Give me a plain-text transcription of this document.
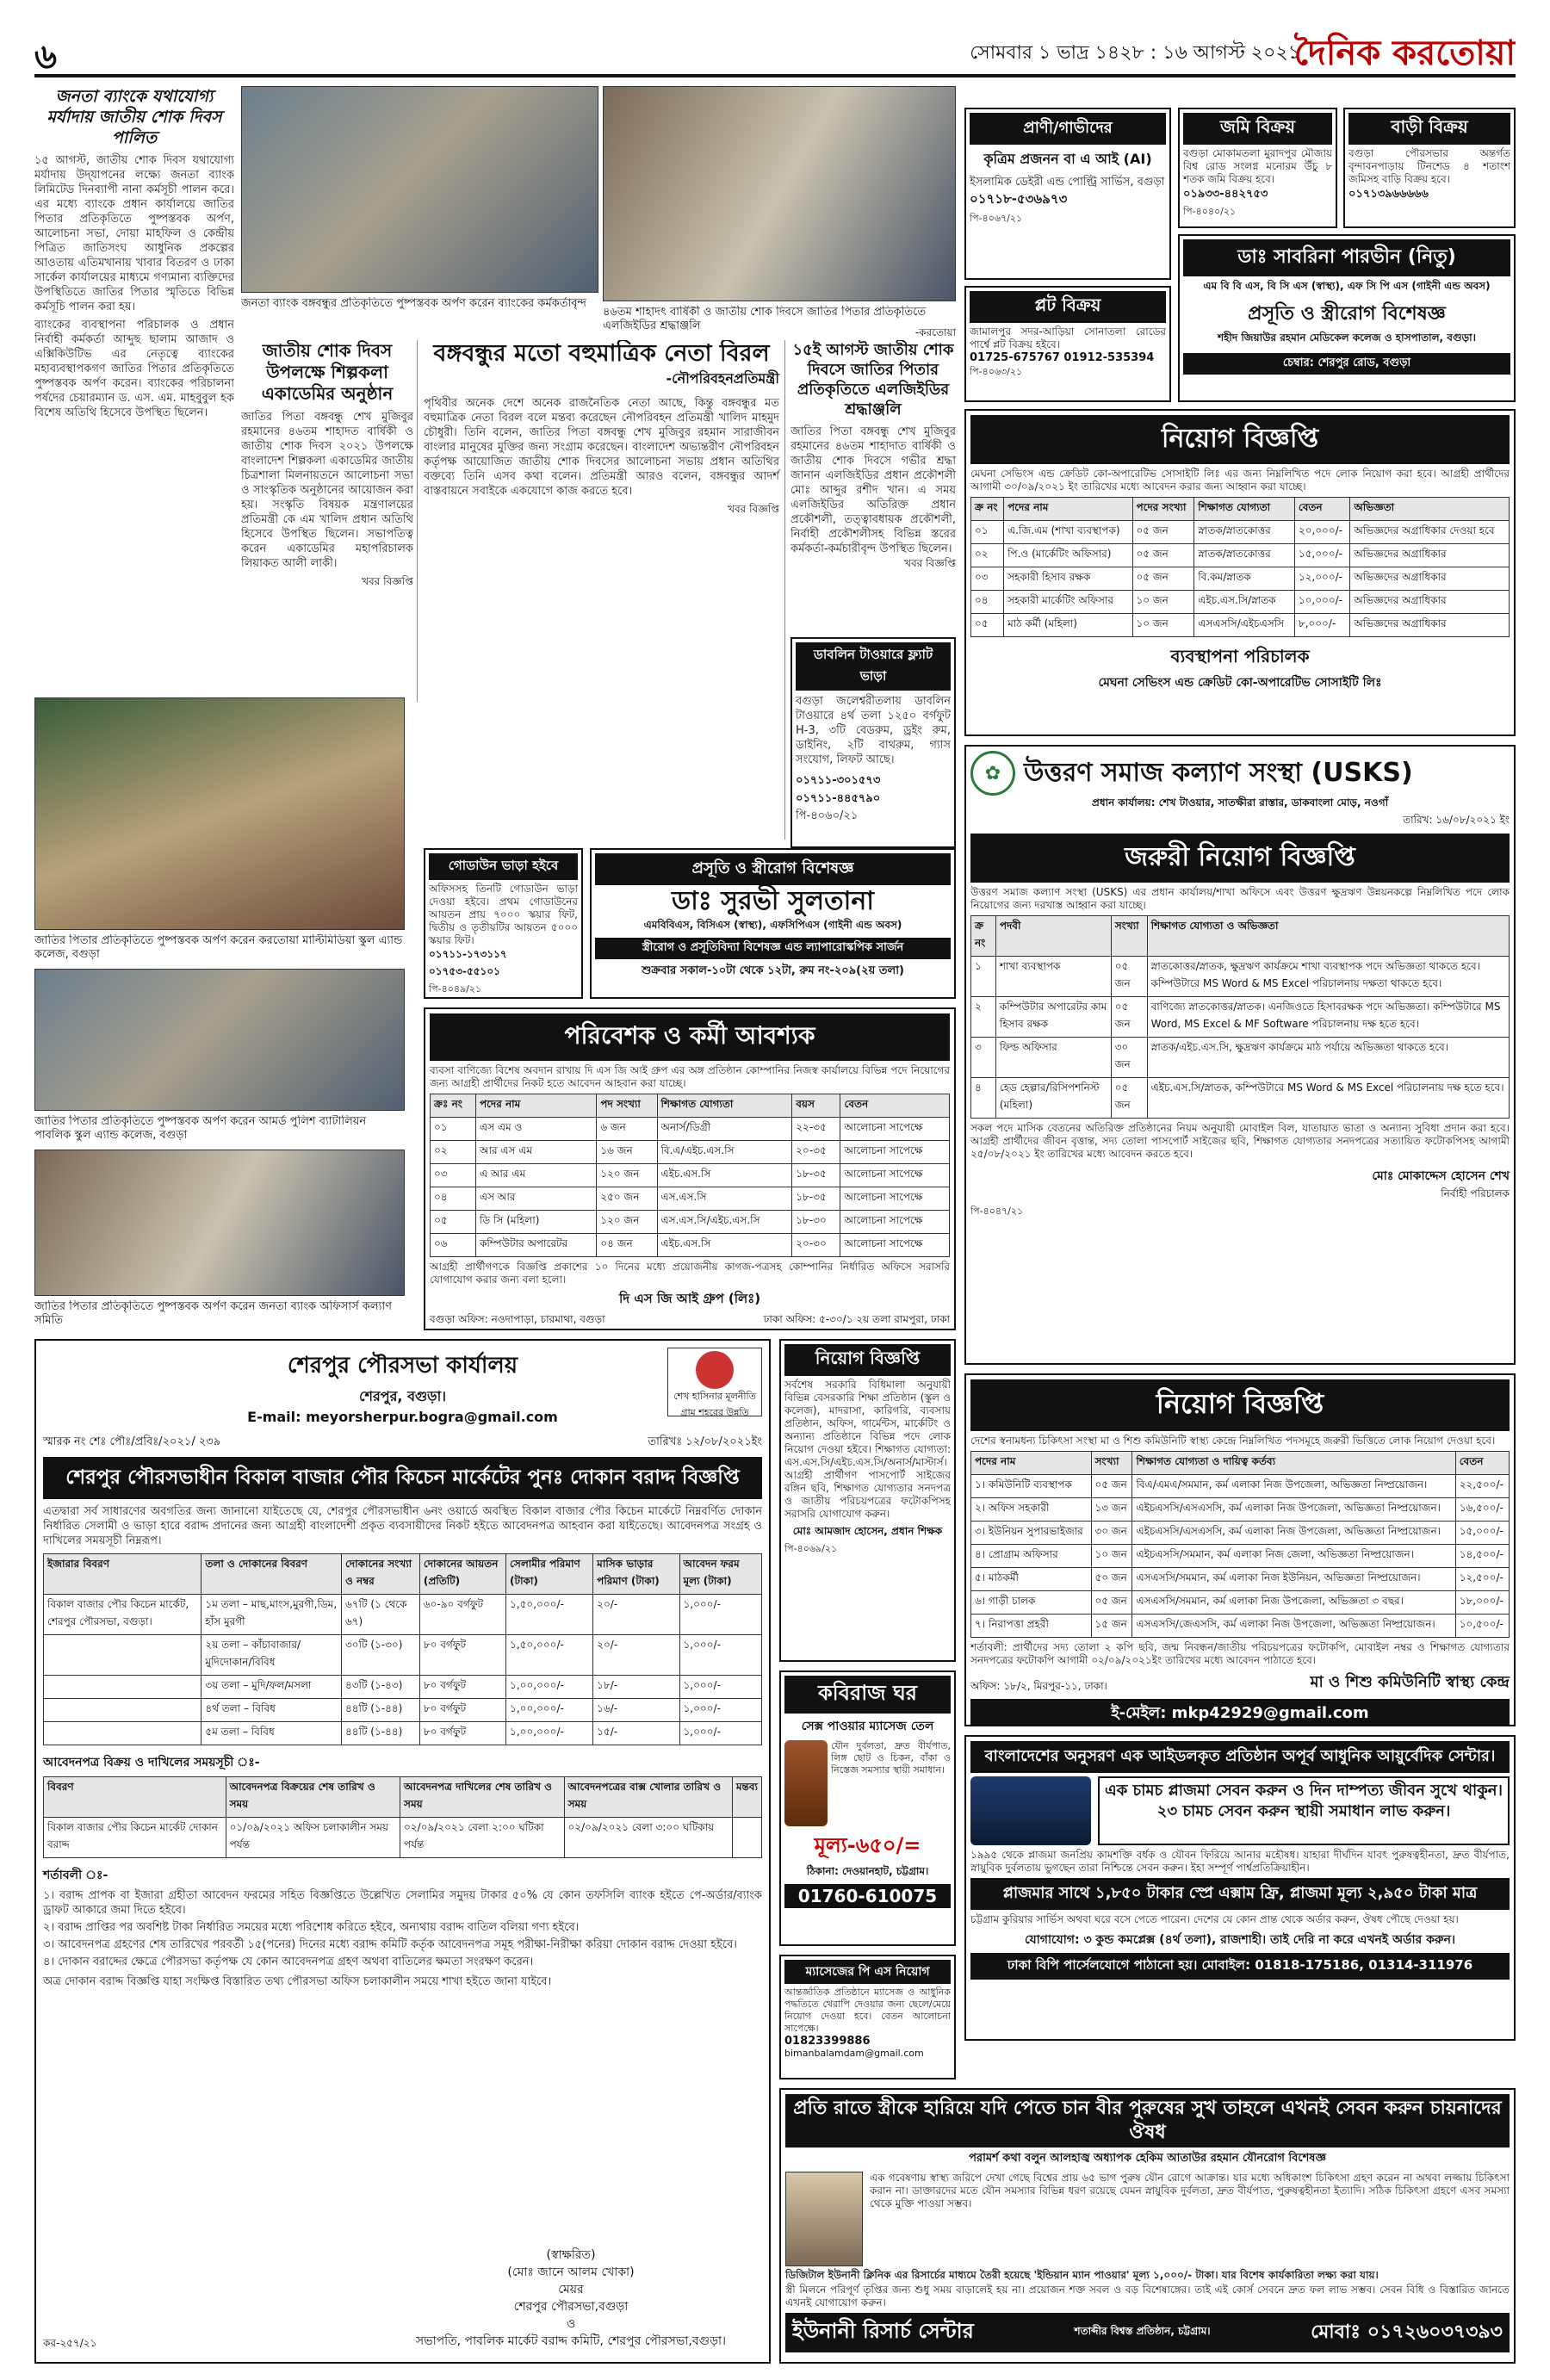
৬	সোমবার ১ ভাদ্র ১৪২৮ : ১৬ আগস্ট ২০২১
দৈনিক করতোয়া
জনতা ব্যাংকে যথাযোগ্য মর্যাদায় জাতীয় শোক দিবস পালিত
১৫ আগস্ট, জাতীয় শোক দিবস যথাযোগ্য মর্যাদায় উদ্‌যাপনের লক্ষ্যে জনতা ব্যাংক লিমিটেড দিনব্যাপী নানা কর্মসূচী পালন করে। এর মধ্যে ব্যাংকে প্রধান কার্যালয়ে জাতির পিতার প্রতিকৃতিতে পুষ্পস্তবক অর্পণ, আলোচনা সভা, দোয়া মাহফিল ও কেন্দ্রীয় পিত্রিত জাতিসংঘ আধুনিক প্রকল্পের আওতায় এতিমখানায় খাবার বিতরণ ও ঢাকা সার্কেল কার্যালয়ের মাধ্যমে গণ্যমান্য ব্যক্তিদের উপস্থিতিতে জাতির পিতার স্মৃতিতে বিভিন্ন কর্মসূচি পালন করা হয়।
ব্যাংকের ব্যবস্থাপনা পরিচালক ও প্রধান নির্বাহী কর্মকর্তা আব্দুছ ছালাম আজাদ ও এক্সিকিউটিভ এর নেতৃত্বে ব্যাংকের মহাব্যবস্থাপকগণ জাতির পিতার প্রতিকৃতিতে পুষ্পস্তবক অর্পণ করেন। ব্যাংকের পরিচালনা পর্ষদের চেয়ারম্যান ড. এস. এম. মাহবুবুল হক বিশেষ অতিথি হিসেবে উপস্থিত ছিলেন।
জনতা ব্যাংক বঙ্গবন্ধুর প্রতিকৃতিতে পুষ্পস্তবক অর্পণ করেন ব্যাংকের কর্মকর্তাবৃন্দ
৪৬তম শাহাদৎ বার্ষিকী ও জাতীয় শোক দিবসে জাতির পিতার প্রতিকৃতিতে এলজিইডির শ্রদ্ধাঞ্জলি	-করতোয়া
জাতীয় শোক দিবস উপলক্ষে শিল্পকলা একাডেমির অনুষ্ঠান
জাতির পিতা বঙ্গবন্ধু শেখ মুজিবুর রহমানের ৪৬তম শাহাদত বার্ষিকী ও জাতীয় শোক দিবস ২০২১ উপলক্ষে বাংলাদেশ শিল্পকলা একাডেমির জাতীয় চিত্রশালা মিলনায়তনে আলোচনা সভা ও সাংস্কৃতিক অনুষ্ঠানের আয়োজন করা হয়। সংস্কৃতি বিষয়ক মন্ত্রণালয়ের প্রতিমন্ত্রী কে এম খালিদ প্রধান অতিথি হিসেবে উপস্থিত ছিলেন। সভাপতিত্ব করেন একাডেমির মহাপরিচালক লিয়াকত আলী লাকী।
খবর বিজ্ঞপ্তি
বঙ্গবন্ধুর মতো বহুমাত্রিক নেতা বিরল
-নৌপরিবহনপ্রতিমন্ত্রী
পৃথিবীর অনেক দেশে অনেক রাজনৈতিক নেতা আছে, কিন্তু বঙ্গবন্ধুর মত বহুমাত্রিক নেতা বিরল বলে মন্তব্য করেছেন নৌপরিবহন প্রতিমন্ত্রী খালিদ মাহমুদ চৌধুরী। তিনি বলেন, জাতির পিতা বঙ্গবন্ধু শেখ মুজিবুর রহমান সারাজীবন বাংলার মানুষের মুক্তির জন্য সংগ্রাম করেছেন। বাংলাদেশ অভ্যন্তরীণ নৌপরিবহন কর্তৃপক্ষ আয়োজিত জাতীয় শোক দিবসের আলোচনা সভায় প্রধান অতিথির বক্তব্যে তিনি এসব কথা বলেন। প্রতিমন্ত্রী আরও বলেন, বঙ্গবন্ধুর আদর্শ বাস্তবায়নে সবাইকে একযোগে কাজ করতে হবে।
খবর বিজ্ঞপ্তি
১৫ই আগস্ট জাতীয় শোক দিবসে জাতির পিতার প্রতিকৃতিতে এলজিইডির শ্রদ্ধাঞ্জলি
জাতির পিতা বঙ্গবন্ধু শেখ মুজিবুর রহমানের ৪৬তম শাহাদাত বার্ষিকী ও জাতীয় শোক দিবসে গভীর শ্রদ্ধা জানান এলজিইডির প্রধান প্রকৌশলী মোঃ আব্দুর রশীদ খান। এ সময় এলজিইডির অতিরিক্ত প্রধান প্রকৌশলী, তত্ত্বাবধায়ক প্রকৌশলী, নির্বাহী প্রকৌশলীসহ বিভিন্ন স্তরের কর্মকর্তা-কর্মচারীবৃন্দ উপস্থিত ছিলেন।
খবর বিজ্ঞপ্তি
ডাবলিন টাওয়ারে ফ্ল্যাট ভাড়া
বগুড়া জলেশ্বরীতলায় ডাবলিন টাওয়ারে ৪র্থ তলা ১২৫০ বর্গফুট H-3, ৩টি বেডরুম, ড্রইং রুম, ডাইনিং, ২টি বাথরুম, গ্যাস সংযোগ, লিফট আছে।
০১৭১১-৩০১৫৭৩ ০১৭১১-৪৪৫৭৯০
পি-৪০৬০/২১
জাতির পিতার প্রতিকৃতিতে পুষ্পস্তবক অর্পণ করেন করতোয়া মাল্টিমিডিয়া স্কুল এ্যান্ড কলেজ, বগুড়া
জাতির পিতার প্রতিকৃতিতে পুষ্পস্তবক অর্পণ করেন আমর্ড পুলিশ ব্যাটালিয়ন পাবলিক স্কুল এ্যান্ড কলেজ, বগুড়া
জাতির পিতার প্রতিকৃতিতে পুষ্পস্তবক অর্পণ করেন জনতা ব্যাংক অফিসার্স কল্যাণ সমিতি
গোডাউন ভাড়া হইবে
অফিসসহ তিনটি গোডাউন ভাড়া দেওয়া হইবে। প্রথম গোডাউনের আয়তন প্রায় ৭০০০ স্কয়ার ফিট, দ্বিতীয় ও তৃতীয়টির আয়তন ৫০০০ স্কয়ার ফিট।
০১৭১১-১৭৩১১৭ ০১৭৫৩-৫৫১০১
পি-৪০৪৯/২১
প্রসূতি ও স্ত্রীরোগ বিশেষজ্ঞ
ডাঃ সুরভী সুলতানা
এমবিবিএস, বিসিএস (স্বাস্থ্য), এফসিপিএস (গাইনী এন্ড অবস)
স্ত্রীরোগ ও প্রসূতিবিদ্যা বিশেষজ্ঞ এন্ড ল্যাপারোস্কপিক সার্জন
শুক্রবার সকাল-১০টা থেকে ১২টা, রুম নং-২০৯(২য় তলা)
পরিবেশক ও কর্মী আবশ্যক
ব্যবসা বাণিজ্যে বিশেষ অবদান রাখায় দি এস জি আই গ্রুপ এর অঙ্গ প্রতিষ্ঠান কোম্পানির নিজস্ব কার্যালয়ে বিভিন্ন পদে নিয়োগের জন্য আগ্রহী প্রার্থীদের নিকট হতে আবেদন আহবান করা যাচ্ছে।
ক্রঃ নং	পদের নাম	পদ সংখ্যা	শিক্ষাগত যোগ্যতা	বয়স	বেতন
০১	এস এম ও	৬ জন	অনার্স/ডিগ্রী	২২-৩৫	আলোচনা সাপেক্ষে
০২	আর এস এম	১৬ জন	বি.এ/এইচ.এস.সি	২০-৩৫	আলোচনা সাপেক্ষে
০৩	এ আর এম	১২০ জন	এইচ.এস.সি	১৮-৩৫	আলোচনা সাপেক্ষে
০৪	এস আর	২৫০ জন	এস.এস.সি	১৮-৩৫	আলোচনা সাপেক্ষে
০৫	ডি সি (মহিলা)	১২০ জন	এস.এস.সি/এইচ.এস.সি	১৮-৩০	আলোচনা সাপেক্ষে
০৬	কম্পিউটার অপারেটর	০৪ জন	এইচ.এস.সি	২০-৩০	আলোচনা সাপেক্ষে
আগ্রহী প্রার্থীগণকে বিজ্ঞপ্তি প্রকাশের ১০ দিনের মধ্যে প্রয়োজনীয় কাগজ-পত্রসহ কোম্পানির নির্ধারিত অফিসে সরাসরি যোগাযোগ করার জন্য বলা হলো।
দি এস জি আই গ্রুপ (লিঃ)
বগুড়া অফিস: নওদাপাড়া, চারমাথা, বগুড়া	ঢাকা অফিস: ৫-৩০/১ ২য় তলা রামপুরা, ঢাকা
প্রাণী/গাভীদের
কৃত্রিম প্রজনন বা এ আই (AI)
ইসলামিক ডেইরী এন্ড পোল্ট্রি সার্ভিস, বগুড়া
০১৭১৮-৫৩৬৯৭৩
পি-৪০৬৭/২১
জমি বিক্রয়
বগুড়া মোকামতলা মুরাদপুর মৌজায় বিশ্ব রোড সংলগ্ন মনোরম উঁচু ৮ শতক জমি বিক্রয় হবে।
০১৯৩৩-৪৪২৭৫৩
পি-৪০৪০/২১
বাড়ী বিক্রয়
বগুড়া পৌরসভার অন্তর্গত বৃন্দাবনপাড়ায় টিনশেড ৪ শতাংশ জমিসহ বাড়ি বিক্রয় হবে।
০১৭১৩৯৬৬৬৬৬
ডাঃ সাবরিনা পারভীন (নিতু)
এম বি বি এস, বি সি এস (স্বাস্থ্য), এফ সি পি এস (গাইনী এন্ড অবস)
প্রসূতি ও স্ত্রীরোগ বিশেষজ্ঞ
শহীদ জিয়াউর রহমান মেডিকেল কলেজ ও হাসপাতাল, বগুড়া।
চেম্বার: শেরপুর রোড, বগুড়া
প্লট বিক্রয়
জামালপুর সদর-আড়িয়া সোনাতলা রোডের পার্শ্বে প্লট বিক্রয় হইবে।
01725-675767 01912-535394
পি-৪০৬৩/২১
নিয়োগ বিজ্ঞপ্তি
মেঘনা সেভিংস এন্ড ক্রেডিট কো-অপারেটিভ সোসাইটি লিঃ এর জন্য নিম্নলিখিত পদে লোক নিয়োগ করা হবে। আগ্রহী প্রার্থীদের আগামী ৩০/০৯/২০২১ ইং তারিখের মধ্যে আবেদন করার জন্য আহ্বান করা যাচ্ছে।
ক্র নং	পদের নাম	পদের সংখ্যা	শিক্ষাগত যোগ্যতা	বেতন	অভিজ্ঞতা
০১	এ.জি.এম (শাখা ব্যবস্থাপক)	০৫ জন	স্নাতক/স্নাতকোত্তর	২০,০০০/-	অভিজ্ঞদের অগ্রাধিকার দেওয়া হবে
০২	পি.ও (মার্কেটিং অফিসার)	০৫ জন	স্নাতক/স্নাতকোত্তর	১৫,০০০/-	অভিজ্ঞদের অগ্রাধিকার
০৩	সহকারী হিসাব রক্ষক	০৫ জন	বি.কম/স্নাতক	১২,০০০/-	অভিজ্ঞদের অগ্রাধিকার
০৪	সহকারী মার্কেটিং অফিসার	১০ জন	এইচ.এস.সি/স্নাতক	১০,০০০/-	অভিজ্ঞদের অগ্রাধিকার
০৫	মাঠ কর্মী (মহিলা)	১০ জন	এসএসসি/এইচএসসি	৮,০০০/-	অভিজ্ঞদের অগ্রাধিকার
ব্যবস্থাপনা পরিচালক
মেঘনা সেভিংস এন্ড ক্রেডিট কো-অপারেটিভ সোসাইটি লিঃ
✿ উত্তরণ সমাজ কল্যাণ সংস্থা (USKS)
প্রধান কার্যালয়: শেখ টাওয়ার, সাতক্ষীরা রাস্তার, ডাকবাংলা মোড়, নওগাঁ
তারিখ: ১৬/০৮/২০২১ ইং
জরুরী নিয়োগ বিজ্ঞপ্তি
উত্তরণ সমাজ কল্যাণ সংস্থা (USKS) এর প্রধান কার্যালয়/শাখা অফিসে এবং উত্তরণ ক্ষুদ্রঋণ উন্নয়নকল্পে নিম্নলিখিত পদে লোক নিয়োগের জন্য দরখাস্ত আহ্বান করা যাচ্ছে।
ক্র নং	পদবী	সংখ্যা	শিক্ষাগত যোগ্যতা ও অভিজ্ঞতা
১	শাখা ব্যবস্থাপক	০৫ জন	স্নাতকোত্তর/স্নাতক, ক্ষুদ্রঋণ কার্যক্রমে শাখা ব্যবস্থাপক পদে অভিজ্ঞতা থাকতে হবে। কম্পিউটারে MS Word & MS Excel পরিচালনায় দক্ষতা থাকতে হবে।
২	কম্পিউটার অপারেটর কাম হিসাব রক্ষক	০৫ জন	বাণিজ্যে স্নাতকোত্তর/স্নাতক। এনজিওতে হিসাবরক্ষক পদে অভিজ্ঞতা। কম্পিউটারে MS Word, MS Excel & MF Software পরিচালনায় দক্ষ হতে হবে।
৩	ফিল্ড অফিসার	৩০ জন	স্নাতক/এইচ.এস.সি, ক্ষুদ্রঋণ কার্যক্রমে মাঠ পর্যায়ে অভিজ্ঞতা থাকতে হবে।
৪	হেড হেল্পার/রিসিপশনিস্ট (মহিলা)	০৫ জন	এইচ.এস.সি/স্নাতক, কম্পিউটারে MS Word & MS Excel পরিচালনায় দক্ষ হতে হবে।
সকল পদে মাসিক বেতনের অতিরিক্ত প্রতিষ্ঠানের নিয়ম অনুযায়ী মোবাইল বিল, যাতায়াত ভাতা ও অন্যান্য সুবিধা প্রদান করা হবে। আগ্রহী প্রার্থীদের জীবন বৃত্তান্ত, সদ্য তোলা পাসপোর্ট সাইজের ছবি, শিক্ষাগত যোগ্যতার সনদপত্রের সত্যায়িত ফটোকপিসহ আগামী ২৫/০৮/২০২১ ইং তারিখের মধ্যে আবেদন করতে হবে।
মোঃ মোকাদ্দেস হোসেন শেখ
নির্বাহী পরিচালক
পি-৪০৪৭/২১
শেরপুর পৌরসভা কার্যালয়
শেরপুর, বগুড়া।
E-mail: meyorsherpur.bogra@gmail.com
শেখ হাসিনার মূলনীতি গ্রাম শহরের উন্নতি
স্মারক নং শেঃ পৌঃ/প্রবিঃ/২০২১/ ২৩৯	তারিখঃ ১২/০৮/২০২১ইং
শেরপুর পৌরসভাধীন বিকাল বাজার পৌর কিচেন মার্কেটের পুনঃ দোকান বরাদ্দ বিজ্ঞপ্তি
এতদ্বারা সর্ব সাধারণের অবগতির জন্য জানানো যাইতেছে যে, শেরপুর পৌরসভাধীন ৬নং ওয়ার্ডে অবস্থিত বিকাল বাজার পৌর কিচেন মার্কেটে নিম্নবর্ণিত দোকান নির্ধারিত সেলামী ও ভাড়া হারে বরাদ্দ প্রদানের জন্য আগ্রহী বাংলাদেশী প্রকৃত ব্যবসায়ীদের নিকট হইতে আবেদনপত্র আহবান করা যাইতেছে। আবেদনপত্র সংগ্রহ ও দাখিলের সময়সূচী নিম্নরূপ।
ইজারার বিবরণ	তলা ও দোকানের বিবরণ	দোকানের সংখ্যা ও নম্বর	দোকানের আয়তন (প্রতিটি)	সেলামীর পরিমাণ (টাকা)	মাসিক ভাড়ার পরিমাণ (টাকা)	আবেদন ফরম মূল্য (টাকা)
বিকাল বাজার পৌর কিচেন মার্কেট, শেরপুর পৌরসভা, বগুড়া।	১ম তলা – মাছ,মাংস,মুরগী,ডিম, হাঁস মুরগী	৬৭টি (১ থেকে ৬৭)	৬০-৯০ বর্গফুট	১,৫০,০০০/-	২০/-	১,০০০/-
	২য় তলা – কাঁচাবাজার/মুদিদোকান/বিবিধ	৩০টি (১-৩০)	৮০ বর্গফুট	১,৫০,০০০/-	২০/-	১,০০০/-
	৩য় তলা – মুদি/ফল/মসলা	৪৩টি (১-৪৩)	৮০ বর্গফুট	১,০০,০০০/-	১৮/-	১,০০০/-
	৪র্থ তলা – বিবিধ	৪৪টি (১-৪৪)	৮০ বর্গফুট	১,০০,০০০/-	১৬/-	১,০০০/-
	৫ম তলা – বিবিধ	৪৪টি (১-৪৪)	৮০ বর্গফুট	১,০০,০০০/-	১৫/-	১,০০০/-
আবেদনপত্র বিক্রয় ও দাখিলের সময়সূচী ঃ-
বিবরণ	আবেদনপত্র বিক্রয়ের শেষ তারিখ ও সময়	আবেদনপত্র দাখিলের শেষ তারিখ ও সময়	আবেদনপত্রের বাক্স খোলার তারিখ ও সময়	মন্তব্য
বিকাল বাজার পৌর কিচেন মার্কেট দোকান বরাদ্দ	০১/০৯/২০২১ অফিস চলাকালীন সময় পর্যন্ত	০২/০৯/২০২১ বেলা ২:০০ ঘটিকা পর্যন্ত	০২/০৯/২০২১ বেলা ৩:০০ ঘটিকায়	
শর্তাবলী ঃ-
১। বরাদ্দ প্রাপক বা ইজারা গ্রহীতা আবেদন ফরমের সহিত বিজ্ঞপ্তিতে উল্লেখিত সেলামির সমুদয় টাকার ৫০% যে কোন তফসিলি ব্যাংক হইতে পে-অর্ডার/ব্যাংক ড্রাফট আকারে জমা দিতে হইবে।
২। বরাদ্দ প্রাপ্তির পর অবশিষ্ট টাকা নির্ধারিত সময়ের মধ্যে পরিশোধ করিতে হইবে, অন্যথায় বরাদ্দ বাতিল বলিয়া গণ্য হইবে।
৩। আবেদনপত্র গ্রহণের শেষ তারিখের পরবর্তী ১৫(পনের) দিনের মধ্যে বরাদ্দ কমিটি কর্তৃক আবেদনপত্র সমূহ পরীক্ষা-নিরীক্ষা করিয়া দোকান বরাদ্দ দেওয়া হইবে।
৪। দোকান বরাদ্দের ক্ষেত্রে পৌরসভা কর্তৃপক্ষ যে কোন আবেদনপত্র গ্রহণ অথবা বাতিলের ক্ষমতা সংরক্ষণ করেন।
অত্র দোকান বরাদ্দ বিজ্ঞপ্তি যাহা সংক্ষিপ্ত বিস্তারিত তথ্য পৌরসভা অফিস চলাকালীন সময়ে শাখা হইতে জানা যাইবে।
(স্বাক্ষরিত)
(মোঃ জানে আলম খোকা)
মেয়র
শেরপুর পৌরসভা,বগুড়া
ও
সভাপতি, পাবলিক মার্কেট বরাদ্দ কমিটি, শেরপুর পৌরসভা,বগুড়া।
কর-২৫৭/২১
নিয়োগ বিজ্ঞপ্তি
সর্বশেষ সরকারি বিধিমালা অনুযায়ী বিভিন্ন বেসরকারি শিক্ষা প্রতিষ্ঠান (স্কুল ও কলেজ), মাদরাসা, কারিগরি, ব্যবসায় প্রতিষ্ঠান, অফিস, গার্মেন্টস, মার্কেটিং ও অন্যান্য প্রতিষ্ঠানে বিভিন্ন পদে লোক নিয়োগ দেওয়া হইবে। শিক্ষাগত যোগ্যতা: এস.এস.সি/এইচ.এস.সি/অনার্স/মাস্টার্স। আগ্রহী প্রার্থীগণ পাসপোর্ট সাইজের রঙ্গিন ছবি, শিক্ষাগত যোগ্যতার সনদপত্র ও জাতীয় পরিচয়পত্রের ফটোকপিসহ সরাসরি যোগাযোগ করুন।
মোঃ আমজাদ হোসেন, প্রধান শিক্ষক
পি-৪০৬৯/২১
কবিরাজ ঘর
সেক্স পাওয়ার ম্যাসেজ তেল
যৌন দুর্বলতা, দ্রুত বীর্যপাত, লিঙ্গ ছোট ও চিকন, বাঁকা ও নিস্তেজ সমস্যার স্থায়ী সমাধান।
মূল্য-৬৫০/=
ঠিকানা: দেওয়ানহাট, চট্টগ্রাম।
01760-610075
ম্যাসেজের পি এস নিয়োগ
আন্তর্জাতিক প্রতিষ্ঠানে ম্যাসেজ ও আধুনিক পদ্ধতিতে থেরাপি দেওয়ার জন্য ছেলে/মেয়ে নিয়োগ দেওয়া হবে। বেতন আলোচনা সাপেক্ষে।
01823399886
bimanbalamdam@gmail.com
নিয়োগ বিজ্ঞপ্তি
দেশের স্বনামধন্য চিকিৎসা সংস্থা মা ও শিশু কমিউনিটি স্বাস্থ্য কেন্দ্রে নিম্নলিখিত পদসমূহে জরুরী ভিত্তিতে লোক নিয়োগ দেওয়া হবে।
পদের নাম	সংখ্যা	শিক্ষাগত যোগ্যতা ও দায়িত্ব কর্তব্য	বেতন
১। কমিউনিটি ব্যবস্থাপক	০৫ জন	বিএ/এমএ/সমমান, কর্ম এলাকা নিজ উপজেলা, অভিজ্ঞতা নিষ্প্রয়োজন।	২২,৫০০/-
২। অফিস সহকারী	১৩ জন	এইচএসসি/এসএসসি, কর্ম এলাকা নিজ উপজেলা, অভিজ্ঞতা নিষ্প্রয়োজন।	১৬,৫০০/-
৩। ইউনিয়ন সুপারভাইজার	৩০ জন	এইচএসসি/এসএসসি, কর্ম এলাকা নিজ উপজেলা, অভিজ্ঞতা নিষ্প্রয়োজন।	১৫,০০০/-
৪। প্রোগ্রাম অফিসার	১০ জন	এইচএসসি/সমমান, কর্ম এলাকা নিজ জেলা, অভিজ্ঞতা নিষ্প্রয়োজন।	১৪,৫০০/-
৫। মাঠকর্মী	৫০ জন	এসএসসি/সমমান, কর্ম এলাকা নিজ ইউনিয়ন, অভিজ্ঞতা নিষ্প্রয়োজন।	১২,৫০০/-
৬। গাড়ী চালক	০৫ জন	এসএসসি/সমমান, কর্ম এলাকা নিজ উপজেলা, অভিজ্ঞতা ৩ বছর।	১৮,০০০/-
৭। নিরাপত্তা প্রহরী	১৫ জন	এসএসসি/জেএসসি, কর্ম এলাকা নিজ উপজেলা, অভিজ্ঞতা নিষ্প্রয়োজন।	১০,৫০০/-
শর্তাবলী: প্রার্থীদের সদ্য তোলা ২ কপি ছবি, জন্ম নিবন্ধন/জাতীয় পরিচয়পত্রের ফটোকপি, মোবাইল নম্বর ও শিক্ষাগত যোগ্যতার সনদপত্রের ফটোকপি আগামী ০২/০৯/২০২১ইং তারিখের মধ্যে আবেদন পাঠাতে হবে।
অফিস: ১৮/২, মিরপুর-১১, ঢাকা।	মা ও শিশু কমিউনিটি স্বাস্থ্য কেন্দ্র
ই-মেইল: mkp42929@gmail.com
বাংলাদেশের অনুসরণ এক আইডলকৃত প্রতিষ্ঠান অপূর্ব আধুনিক আয়ুর্বেদিক সেন্টার।
এক চামচ প্লাজমা সেবন করুন ও দিন দাম্পত্য জীবন সুখে থাকুন। ২৩ চামচ সেবন করুন স্থায়ী সমাধান লাভ করুন।
১৯৯৫ থেকে প্লাজমা জনপ্রিয় কামশক্তি বর্ধক ও যৌবন ফিরিয়ে আনার মহৌষধ। যাহারা দীর্ঘদিন যাবৎ পুরুষত্বহীনতা, দ্রুত বীর্যপাত, স্নায়ুবিক দুর্বলতায় ভুগছেন তারা নিশ্চিন্তে সেবন করুন। ইহা সম্পূর্ণ পার্শ্বপ্রতিক্রিয়াহীন।
প্লাজমার সাথে ১,৮৫০ টাকার স্প্রে এক্সাম ফ্রি, প্লাজমা মূল্য ২,৯৫০ টাকা মাত্র
চট্টগ্রাম কুরিয়ার সার্ভিস অথবা ঘরে বসে পেতে পারেন। দেশের যে কোন প্রান্ত থেকে অর্ডার করুন, ঔষধ পৌছে দেওয়া হয়।
যোগাযোগ: ৩ কুন্ড কমপ্লেক্স (৪র্থ তলা), রাজশাহী। তাই দেরি না করে এখনই অর্ডার করুন।
ঢাকা বিপি পার্সেলযোগে পাঠানো হয়। মোবাইল: 01818-175186, 01314-311976
প্রতি রাতে স্ত্রীকে হারিয়ে যদি পেতে চান বীর পুরুষের সুখ তাহলে এখনই সেবন করুন চায়নাদের ঔষধ
পরামর্শ কথা বলুন আলহাজ্ব অধ্যাপক হেকিম আতাউর রহমান যৌনরোগ বিশেষজ্ঞ
এক গবেষণায় স্বাস্থ্য জরিপে দেখা গেছে বিশ্বের প্রায় ৬৫ ভাগ পুরুষ যৌন রোগে আক্রান্ত। যার মধ্যে অধিকাংশ চিকিৎসা গ্রহণ করেন না অথবা লজ্জায় চিকিৎসা করান না। ডাক্তারদের মতে যৌন সমস্যার বিভিন্ন ধরণ রয়েছে যেমন স্নায়ুবিক দুর্বলতা, দ্রুত বীর্যপাত, পুরুষত্বহীনতা ইত্যাদি। সঠিক চিকিৎসা গ্রহণে এসব সমস্যা থেকে মুক্তি পাওয়া সম্ভব।
ডিজিটাল ইউনানী ক্লিনিক এর রিসার্চের মাধ্যমে তৈরী হয়েছে 'ইন্ডিয়ান ম্যান পাওয়ার' মূল্য ১,০০০/- টাকা। যার বিশেষ কার্যকারিতা লক্ষ্য করা যায়।
স্ত্রী মিলনে পরিপূর্ণ তৃপ্তির জন্য শুধু সময় বাড়ালেই হয় না। প্রয়োজন শক্ত সবল ও বড় বিশেষাঙ্গের। তাই এই কোর্স সেবনে দ্রুত ফল লাভ সম্ভব। সেবন বিধি ও বিস্তারিত জানতে এখনই যোগাযোগ করুন।
ইউনানী রিসার্চ সেন্টার	শতাব্দীর বিশ্বস্ত প্রতিষ্ঠান, চট্টগ্রাম।	মোবাঃ ০১৭২৬০৩৭৩৯৩
